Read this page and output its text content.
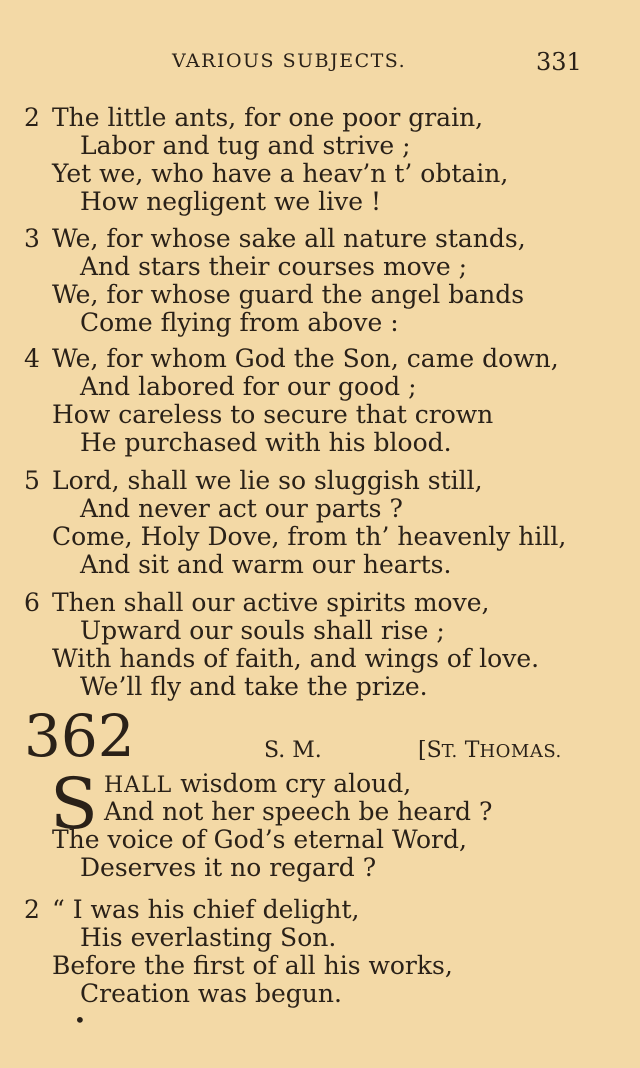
VARIOUS SUBJECTS.	331
2 The little ants, for one poor grain,
Labor and tug and strive ;
Yet we, who have a heav’n t’ obtain,
How negligent we live !
3 We, for whose sake all nature stands,
And stars their courses move ;
We, for whose guard the angel bands
Come flying from above :
4 We, for whom God the Son, came down,
And labored for our good ;
How careless to secure that crown
He purchased with his blood.
5 Lord, shall we lie so sluggish still,
And never act our parts ?
Come, Holy Dove, from th’ heavenly hill,
And sit and warm our hearts.
6 Then shall our active spirits move,
Upward our souls shall rise ;
With hands of faith, and wings of love.
We’ll fly and take the prize.
362	S. M.	[ST. THOMAS.
S HALL wisdom cry aloud,
And not her speech be heard ?
The voice of God’s eternal Word,
Deserves it no regard ?
2 “ I was his chief delight,
His everlasting Son.
Before the first of all his works,
Creation was begun.
•
